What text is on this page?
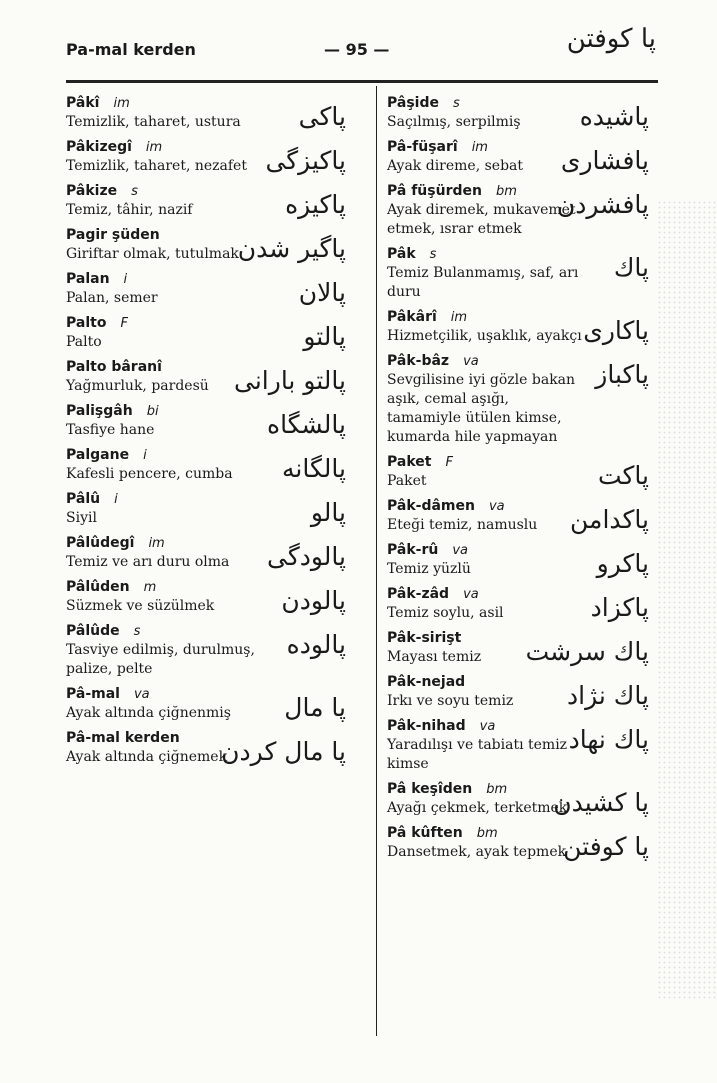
Pa-mal kerden	— 95 —	پا كوفتن
Pâkî im
Temizlik, taharet, ustura	پاكى
Pâkizegî im
Temizlik, taharet, nezafet پاكيزگى
Pâkize s
Temiz, tâhir, nazif	پاكيزه
Pagir şüden
Giriftar olmak, tutulmak
پاگير شدن
Palan i
Palan, semer	پالان
Palto F
Palto	پالتو
Palto bâranî
Yağmurluk, pardesü	پالتو بارانى
Palişgâh bi
Tasfiye hane	پالشگاه
Palgane i
Kafesli pencere, cumba	پالگانه
Pâlû i
Siyil	پالو
Pâlûdegî im
Temiz ve arı duru olma	پالودگى
Pâlûden m
Süzmek ve süzülmek	پالودن
Pâlûde s
Tasviye edilmiş, durulmuş, palize, pelte
پالوده
Pâ-mal va
Ayak altında çiğnenmiş	پا مال
Pâ-mal kerden
Ayak altında çiğnemek
پا مال كردن
Pâşide s
Saçılmış, serpilmiş	پاشيده
Pâ-füşarî im
Ayak direme, sebat	پافشارى
Pâ füşürden bm
Ayak diremek, mukavemet etmek, ısrar etmek
پافشردن
Pâk s
Temiz Bulanmamış, saf, arı duru
پاك
Pâkârî im
Hizmetçilik, uşaklık, ayakçı پاكارى
Pâk-bâz va
Sevgilisine iyi gözle bakan aşık, cemal aşığı, tamamiyle ütülen kimse, kumarda hile yapmayan
پاكباز
Paket F
Paket	پاكت
Pâk-dâmen va
Eteği temiz, namuslu	پاكدامن
Pâk-rû va
Temiz yüzlü	پاكرو
Pâk-zâd va
Temiz soylu, asil	پاكزاد
Pâk-sirişt
Mayası temiz	پاك سرشت
Pâk-nejad
Irkı ve soyu temiz	پاك نژاد
Pâk-nihad va
Yaradılışı ve tabiatı temiz kimse
پاك نهاد
Pâ keşîden bm
Ayağı çekmek, terketmek
پا كشيدن
Pâ kûften bm
Dansetmek, ayak tepmek
پا كوفتن
